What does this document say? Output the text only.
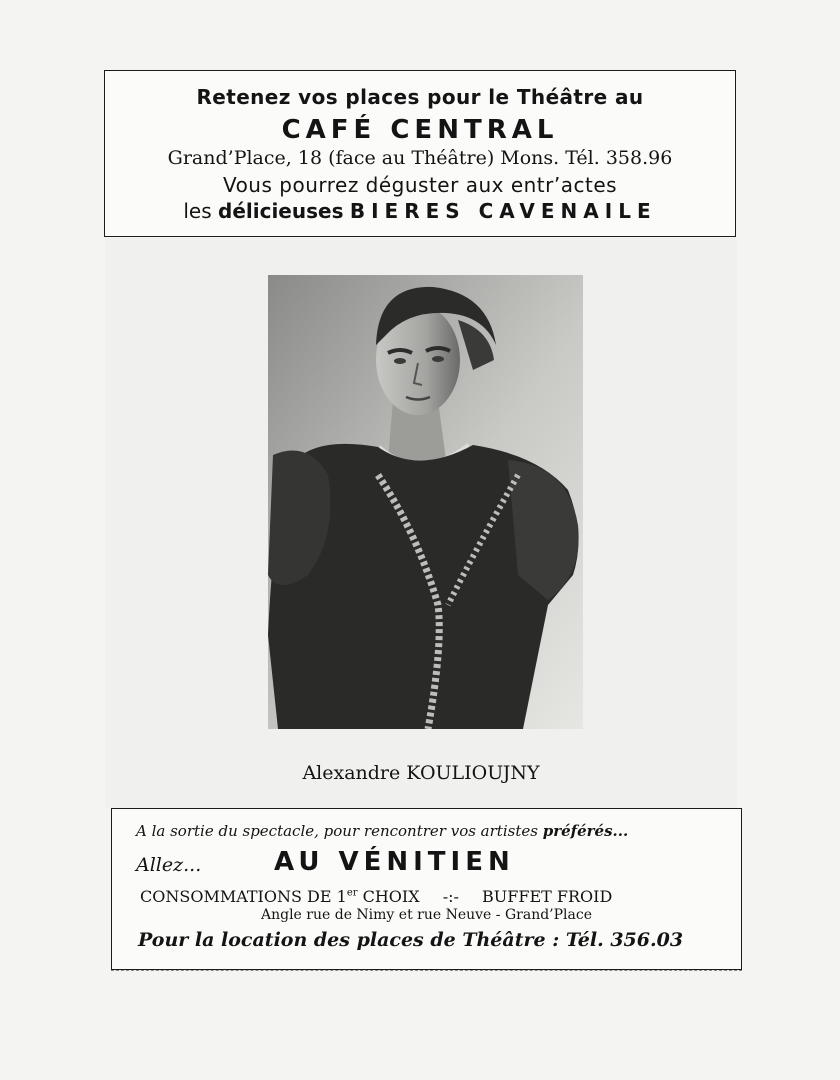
Retenez vos places pour le Théâtre au
CAFÉ CENTRAL
Grand’Place, 18 (face au Théâtre) Mons. Tél. 358.96
Vous pourrez déguster aux entr’actes
les délicieuses BIERES CAVENAILE
Alexandre KOULIOUJNY
A la sortie du spectacle, pour rencontrer vos artistes préférés...
Allez...	AU VÉNITIEN
CONSOMMATIONS DE 1er CHOIX -:- BUFFET FROID
Angle rue de Nimy et rue Neuve - Grand’Place
Pour la location des places de Théâtre : Tél. 356.03
